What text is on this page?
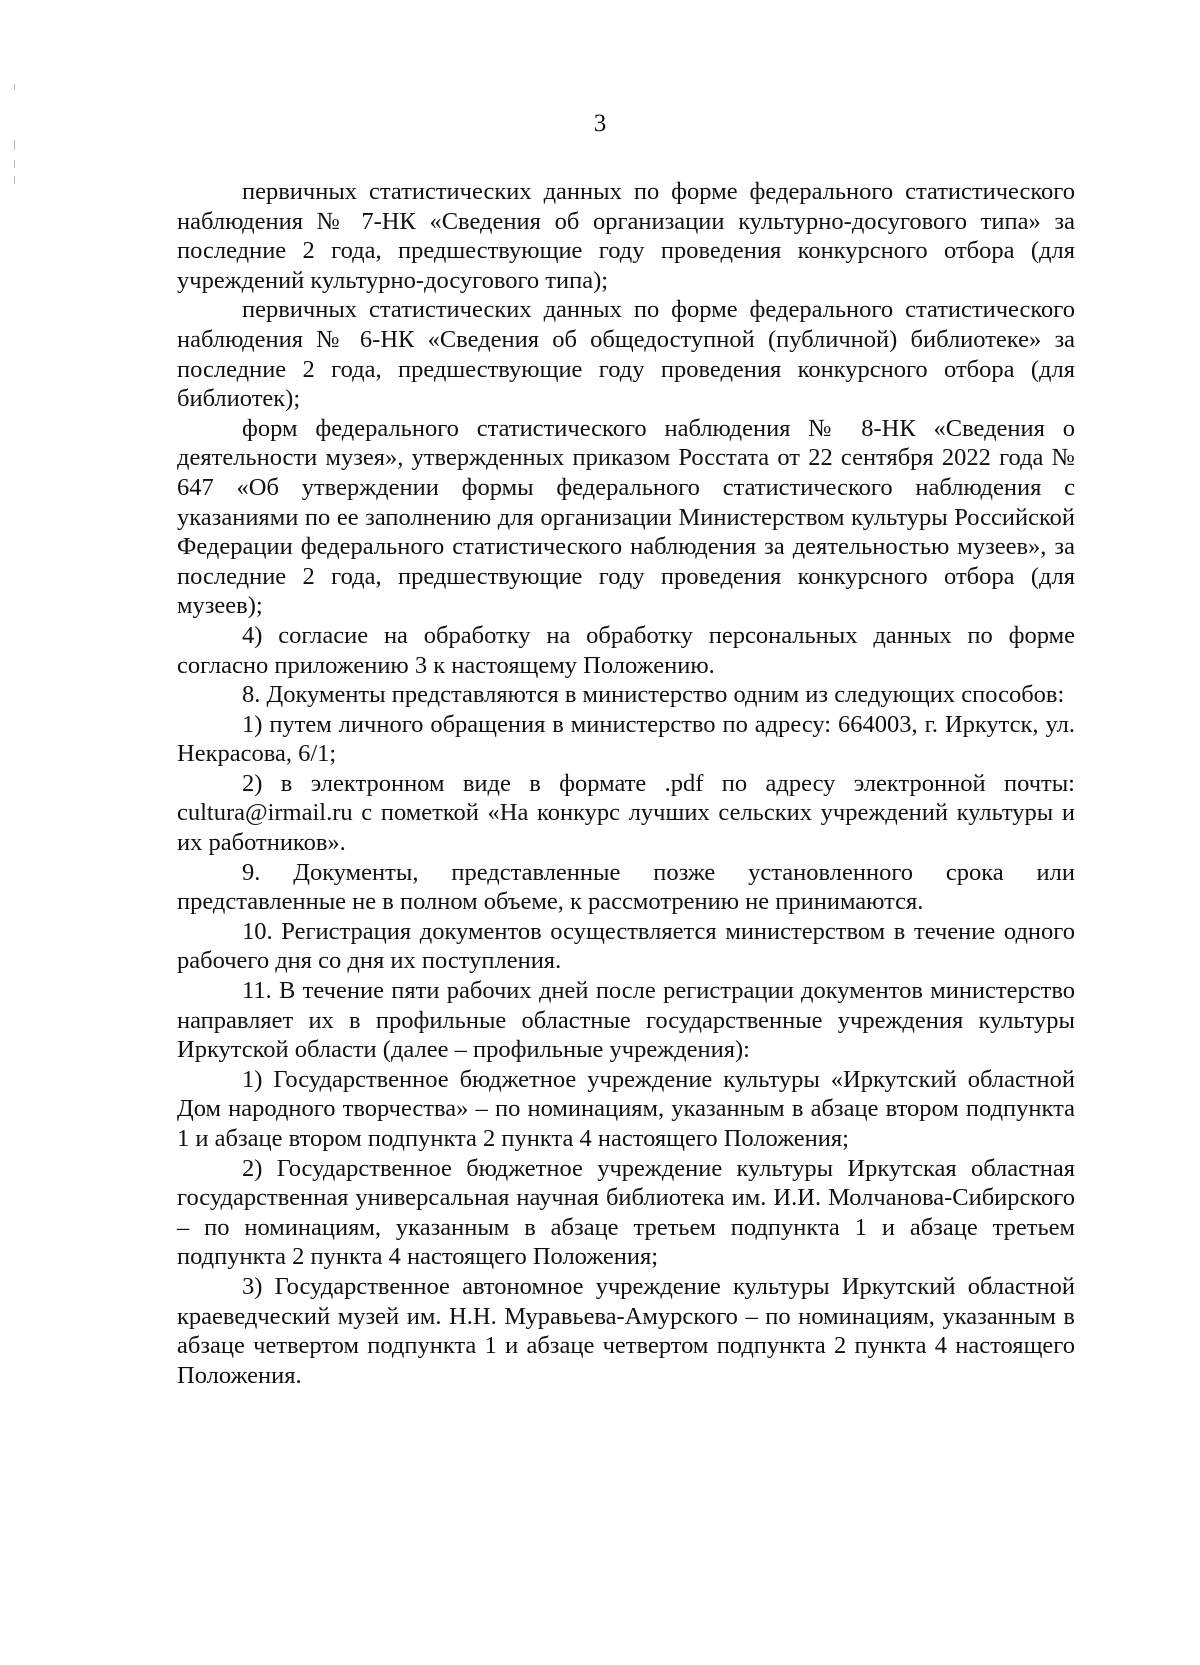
3

первичных статистических данных по форме федерального статистического наблюдения № 7-НК «Сведения об организации культурно-досугового типа» за последние 2 года, предшествующие году проведения конкурсного отбора (для учреждений культурно-досугового типа);

первичных статистических данных по форме федерального статистического наблюдения № 6-НК «Сведения об общедоступной (публичной) библиотеке» за последние 2 года, предшествующие году проведения конкурсного отбора (для библиотек);

форм федерального статистического наблюдения № 8-НК «Сведения о деятельности музея», утвержденных приказом Росстата от 22 сентября 2022 года № 647 «Об утверждении формы федерального статистического наблюдения с указаниями по ее заполнению для организации Министерством культуры Российской Федерации федерального статистического наблюдения за деятельностью музеев», за последние 2 года, предшествующие году проведения конкурсного отбора (для музеев);

4) согласие на обработку на обработку персональных данных по форме согласно приложению 3 к настоящему Положению.

8. Документы представляются в министерство одним из следующих способов:

1) путем личного обращения в министерство по адресу: 664003, г. Иркутск, ул. Некрасова, 6/1;

2) в электронном виде в формате .pdf по адресу электронной почты: cultura@irmail.ru с пометкой «На конкурс лучших сельских учреждений культуры и их работников».

9. Документы, представленные позже установленного срока или представленные не в полном объеме, к рассмотрению не принимаются.

10. Регистрация документов осуществляется министерством в течение одного рабочего дня со дня их поступления.

11. В течение пяти рабочих дней после регистрации документов министерство направляет их в профильные областные государственные учреждения культуры Иркутской области (далее – профильные учреждения):

1) Государственное бюджетное учреждение культуры «Иркутский областной Дом народного творчества» – по номинациям, указанным в абзаце втором подпункта 1 и абзаце втором подпункта 2 пункта 4 настоящего Положения;

2) Государственное бюджетное учреждение культуры Иркутская областная государственная универсальная научная библиотека им. И.И. Молчанова-Сибирского – по номинациям, указанным в абзаце третьем подпункта 1 и абзаце третьем подпункта 2 пункта 4 настоящего Положения;

3) Государственное автономное учреждение культуры Иркутский областной краеведческий музей им. Н.Н. Муравьева-Амурского – по номинациям, указанным в абзаце четвертом подпункта 1 и абзаце четвертом подпункта 2 пункта 4 настоящего Положения.
